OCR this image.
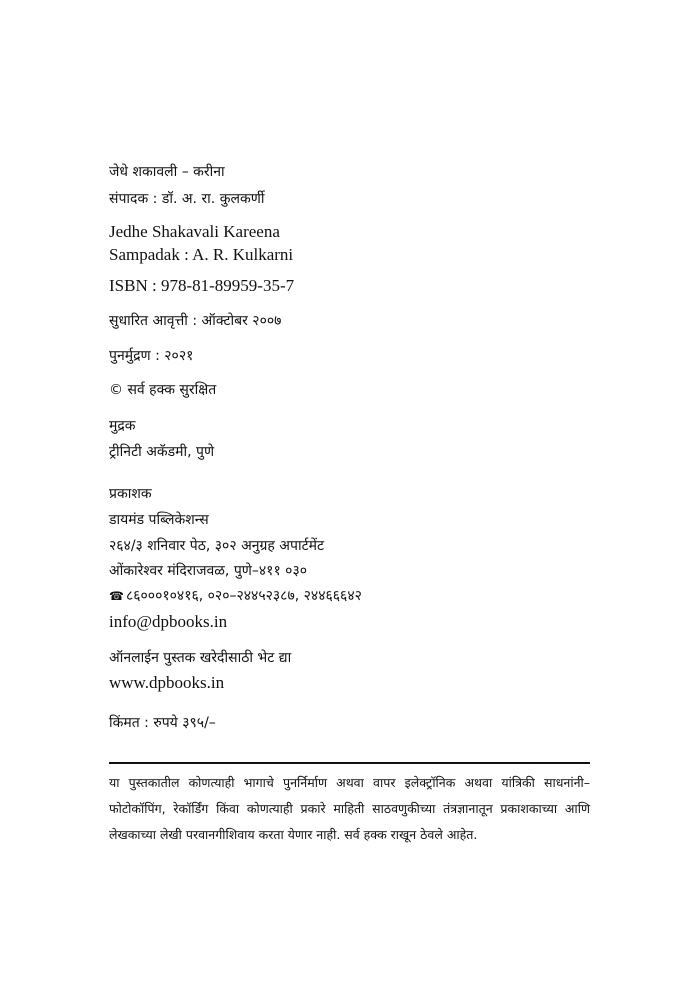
जेधे शकावली – करीना
संपादक : डॉ. अ. रा. कुलकर्णी
Jedhe Shakavali Kareena
Sampadak : A. R. Kulkarni
ISBN : 978-81-89959-35-7
सुधारित आवृत्ती : ऑक्टोबर २००७
पुनर्मुद्रण : २०२१
© सर्व हक्क सुरक्षित
मुद्रक
ट्रीनिटी अकॅडमी, पुणे
प्रकाशक
डायमंड पब्लिकेशन्स
२६४/३ शनिवार पेठ, ३०२ अनुग्रह अपार्टमेंट
ओंकारेश्वर मंदिराजवळ, पुणे–४११ ०३०
☎ ८६०००१०४१६, ०२०–२४४५२३८७, २४४६६६४२
info@dpbooks.in
ऑनलाईन पुस्तक खरेदीसाठी भेट द्या
www.dpbooks.in
किंमत : रुपये ३९५/–
या पुस्तकातील कोणत्याही भागाचे पुनर्निर्माण अथवा वापर इलेक्ट्रॉनिक अथवा यांत्रिकी साधनांनी–फोटोकॉपिंग, रेकॉर्डिंग किंवा कोणत्याही प्रकारे माहिती साठवणुकीच्या तंत्रज्ञानातून प्रकाशकाच्या आणि लेखकाच्या लेखी परवानगीशिवाय करता येणार नाही. सर्व हक्क राखून ठेवले आहेत.
